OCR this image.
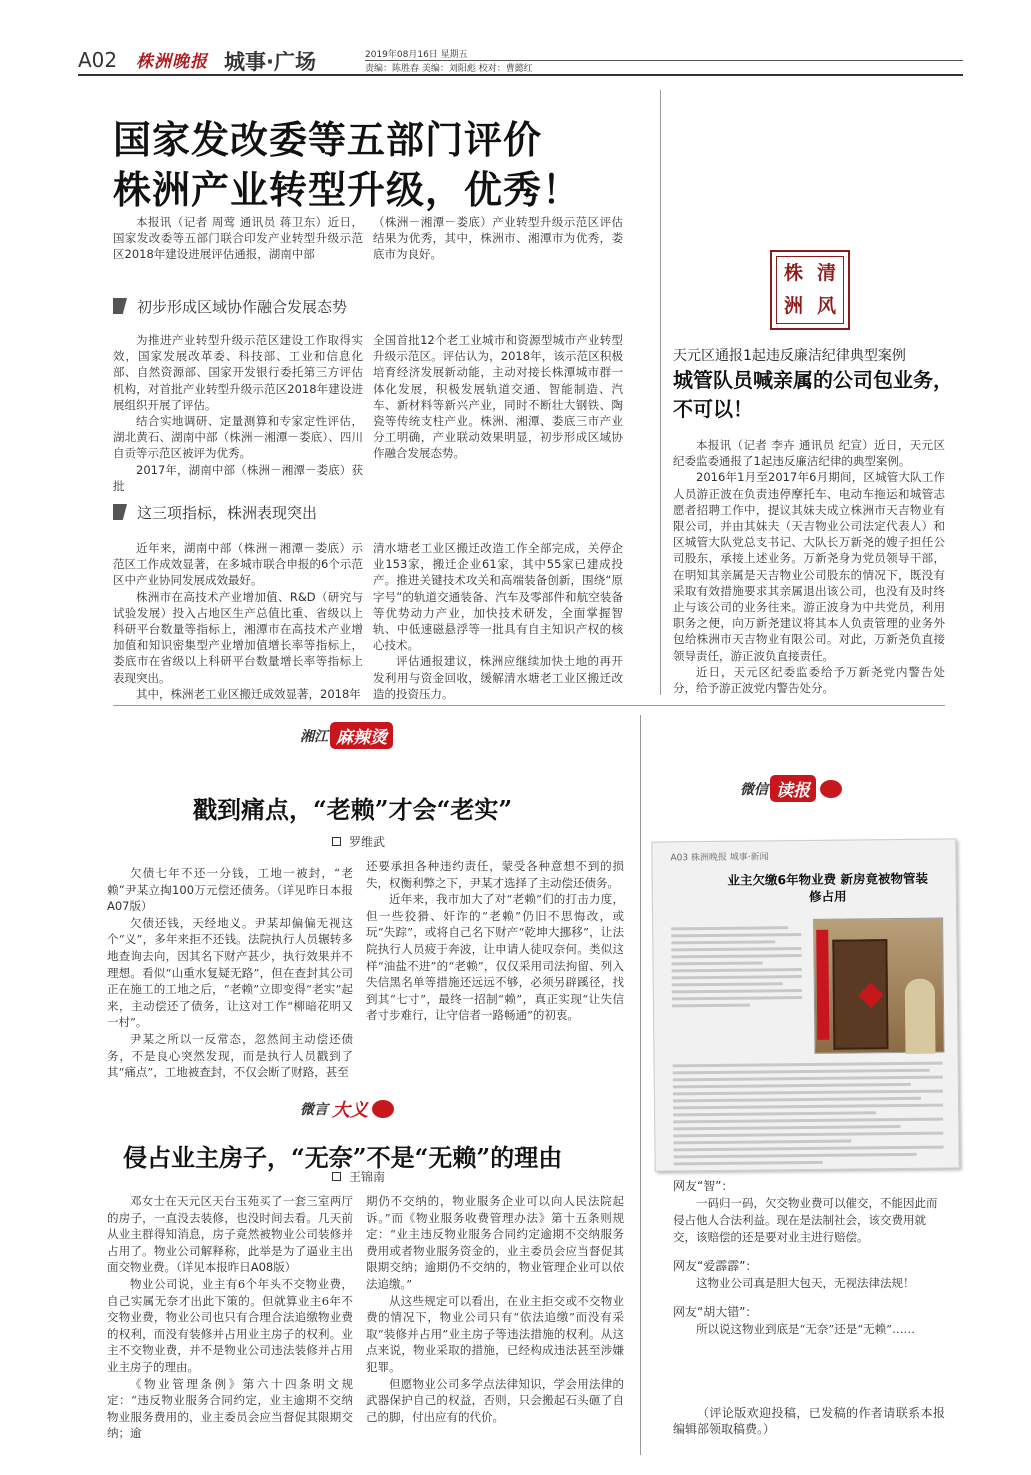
A02 株洲晚报 城事·广场	2019年08月16日 星期五
责编：陈胜春 美编：刘阳彪 校对：曹懿红
国家发改委等五部门评价
株洲产业转型升级，优秀！

本报讯（记者 周莺 通讯员 蒋卫东）近日，国家发改委等五部门联合印发产业转型升级示范区2018年建设进展评估通报，湖南中部

（株洲－湘潭－娄底）产业转型升级示范区评估结果为优秀，其中，株洲市、湘潭市为优秀，娄底市为良好。

初步形成区域协作融合发展态势

为推进产业转型升级示范区建设工作取得实效，国家发展改革委、科技部、工业和信息化部、自然资源部、国家开发银行委托第三方评估机构，对首批产业转型升级示范区2018年建设进展组织开展了评估。

结合实地调研、定量测算和专家定性评估，湖北黄石、湖南中部（株洲－湘潭－娄底）、四川自贡等示范区被评为优秀。

2017年，湖南中部（株洲－湘潭－娄底）获批

全国首批12个老工业城市和资源型城市产业转型升级示范区。评估认为，2018年，该示范区积极培育经济发展新动能，主动对接长株潭城市群一体化发展，积极发展轨道交通、智能制造、汽车、新材料等新兴产业，同时不断壮大钢铁、陶瓷等传统支柱产业。株洲、湘潭、娄底三市产业分工明确，产业联动效果明显，初步形成区域协作融合发展态势。

这三项指标，株洲表现突出

近年来，湖南中部（株洲－湘潭－娄底）示范区工作成效显著，在多城市联合申报的6个示范区中产业协同发展成效最好。

株洲市在高技术产业增加值、R&D（研究与试验发展）投入占地区生产总值比重、省级以上科研平台数量等指标上，湘潭市在高技术产业增加值和知识密集型产业增加值增长率等指标上，娄底市在省级以上科研平台数量增长率等指标上表现突出。

其中，株洲老工业区搬迁成效显著，2018年

清水塘老工业区搬迁改造工作全部完成，关停企业153家，搬迁企业61家，其中55家已建成投产。推进关键技术攻关和高端装备创新，围绕“原字号”的轨道交通装备、汽车及零部件和航空装备等优势动力产业，加快技术研发，全面掌握智轨、中低速磁悬浮等一批具有自主知识产权的核心技术。

评估通报建议，株洲应继续加快土地的再开发利用与资金回收，缓解清水塘老工业区搬迁改造的投资压力。

株 清
洲 风
天元区通报1起违反廉洁纪律典型案例
城管队员喊亲属的公司包业务，不可以！

本报讯（记者 李卉 通讯员 纪宣）近日，天元区纪委监委通报了1起违反廉洁纪律的典型案例。

2016年1月至2017年6月期间，区城管大队工作人员游正波在负责违停摩托车、电动车拖运和城管志愿者招聘工作中，提议其妹夫成立株洲市天吉物业有限公司，并由其妹夫（天吉物业公司法定代表人）和区城管大队党总支书记、大队长万新尧的嫂子担任公司股东，承接上述业务。万新尧身为党员领导干部，在明知其亲属是天吉物业公司股东的情况下，既没有采取有效措施要求其亲属退出该公司，也没有及时终止与该公司的业务往来。游正波身为中共党员，利用职务之便，向万新尧建议将其本人负责管理的业务外包给株洲市天吉物业有限公司。对此，万新尧负直接领导责任，游正波负直接责任。

近日，天元区纪委监委给予万新尧党内警告处分，给予游正波党内警告处分。

湘江 麻辣烫
戳到痛点，“老赖”才会“老实”
罗维武

欠债七年不还一分钱，工地一被封，“老赖”尹某立掏100万元偿还债务。（详见昨日本报A07版）

欠债还钱，天经地义。尹某却偏偏无视这个“义”，多年来拒不还钱。法院执行人员辗转多地查询去向，因其名下财产甚少，执行效果并不理想。看似“山重水复疑无路”，但在查封其公司正在施工的工地之后，“老赖”立即变得“老实”起来，主动偿还了债务，让这对工作“柳暗花明又一村”。

尹某之所以一反常态，忽然间主动偿还债务，不是良心突然发现，而是执行人员戳到了其“痛点”，工地被查封，不仅会断了财路，甚至

还要承担各种违约责任，蒙受各种意想不到的损失，权衡利弊之下，尹某才选择了主动偿还债务。

近年来，我市加大了对“老赖”们的打击力度，但一些狡猾、奸诈的“老赖”仍旧不思悔改，或玩“失踪”，或将自己名下财产“乾坤大挪移”，让法院执行人员疲于奔波，让申请人徒叹奈何。类似这样“油盐不进”的“老赖”，仅仅采用司法拘留、列入失信黑名单等措施还远远不够，必须另辟蹊径，找到其“七寸”，最终一招制“赖”，真正实现“让失信者寸步难行，让守信者一路畅通”的初衷。

微言 大义
侵占业主房子，“无奈”不是“无赖”的理由
王锦南

邓女士在天元区天台玉苑买了一套三室两厅的房子，一直没去装修，也没时间去看。几天前从业主群得知消息，房子竟然被物业公司装修并占用了。物业公司解释称，此举是为了逼业主出面交物业费。（详见本报昨日A08版）

物业公司说，业主有6个年头不交物业费，自己实属无奈才出此下策的。但就算业主6年不交物业费，物业公司也只有合理合法追缴物业费的权利，而没有装修并占用业主房子的权利。业主不交物业费，并不是物业公司违法装修并占用业主房子的理由。

《物业管理条例》第六十四条明文规定：“违反物业服务合同约定，业主逾期不交纳物业服务费用的，业主委员会应当督促其限期交纳；逾

期仍不交纳的，物业服务企业可以向人民法院起诉。”而《物业服务收费管理办法》第十五条则规定：“业主违反物业服务合同约定逾期不交纳服务费用或者物业服务资金的，业主委员会应当督促其限期交纳；逾期仍不交纳的，物业管理企业可以依法追缴。”

从这些规定可以看出，在业主拒交或不交物业费的情况下，物业公司只有“依法追缴”而没有采取“装修并占用”业主房子等违法措施的权利。从这点来说，物业采取的措施，已经构成违法甚至涉嫌犯罪。

但愿物业公司多学点法律知识，学会用法律的武器保护自己的权益，否则，只会搬起石头砸了自己的脚，付出应有的代价。

微信 读报
A03 株洲晚报 城事·新闻
业主欠缴6年物业费 新房竟被物管装修占用
网友“智”：
一码归一码，欠交物业费可以催交，不能因此而侵占他人合法利益。现在是法制社会，该交费用就交，该赔偿的还是要对业主进行赔偿。
网友“爱霹霹”：
这物业公司真是胆大包天，无视法律法规！
网友“胡大错”：
所以说这物业到底是“无奈”还是“无赖”……

（评论版欢迎投稿，已发稿的作者请联系本报编辑部领取稿费。）
